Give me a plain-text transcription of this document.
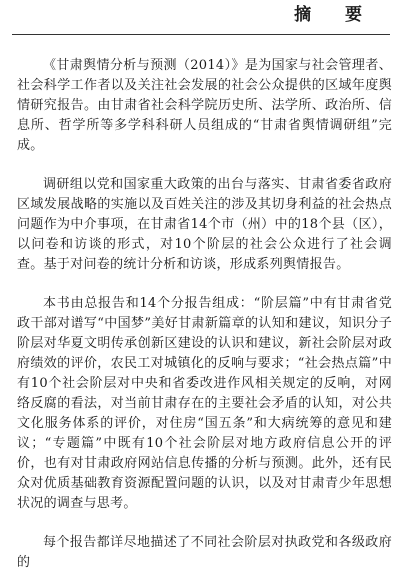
摘 要

《甘肃舆情分析与预测（2014）》是为国家与社会管理者、社会科学工作者以及关注社会发展的社会公众提供的区域年度舆情研究报告。由甘肃省社会科学院历史所、法学所、政治所、信息所、哲学所等多学科科研人员组成的“甘肃省舆情调研组”完成。

调研组以党和国家重大政策的出台与落实、甘肃省委省政府区域发展战略的实施以及百姓关注的涉及其切身利益的社会热点问题作为中介事项，在甘肃省14个市（州）中的18个县（区），以问卷和访谈的形式，对10个阶层的社会公众进行了社会调查。基于对问卷的统计分析和访谈，形成系列舆情报告。

本书由总报告和14个分报告组成：“阶层篇”中有甘肃省党政干部对谱写“中国梦”美好甘肃新篇章的认知和建议，知识分子阶层对华夏文明传承创新区建设的认识和建议，新社会阶层对政府绩效的评价，农民工对城镇化的反响与要求；“社会热点篇”中有10个社会阶层对中央和省委改进作风相关规定的反响，对网络反腐的看法，对当前甘肃存在的主要社会矛盾的认知，对公共文化服务体系的评价，对住房“国五条”和大病统筹的意见和建议；“专题篇”中既有10个社会阶层对地方政府信息公开的评价，也有对甘肃政府网站信息传播的分析与预测。此外，还有民众对优质基础教育资源配置问题的认识，以及对甘肃青少年思想状况的调查与思考。

每个报告都详尽地描述了不同社会阶层对执政党和各级政府的
